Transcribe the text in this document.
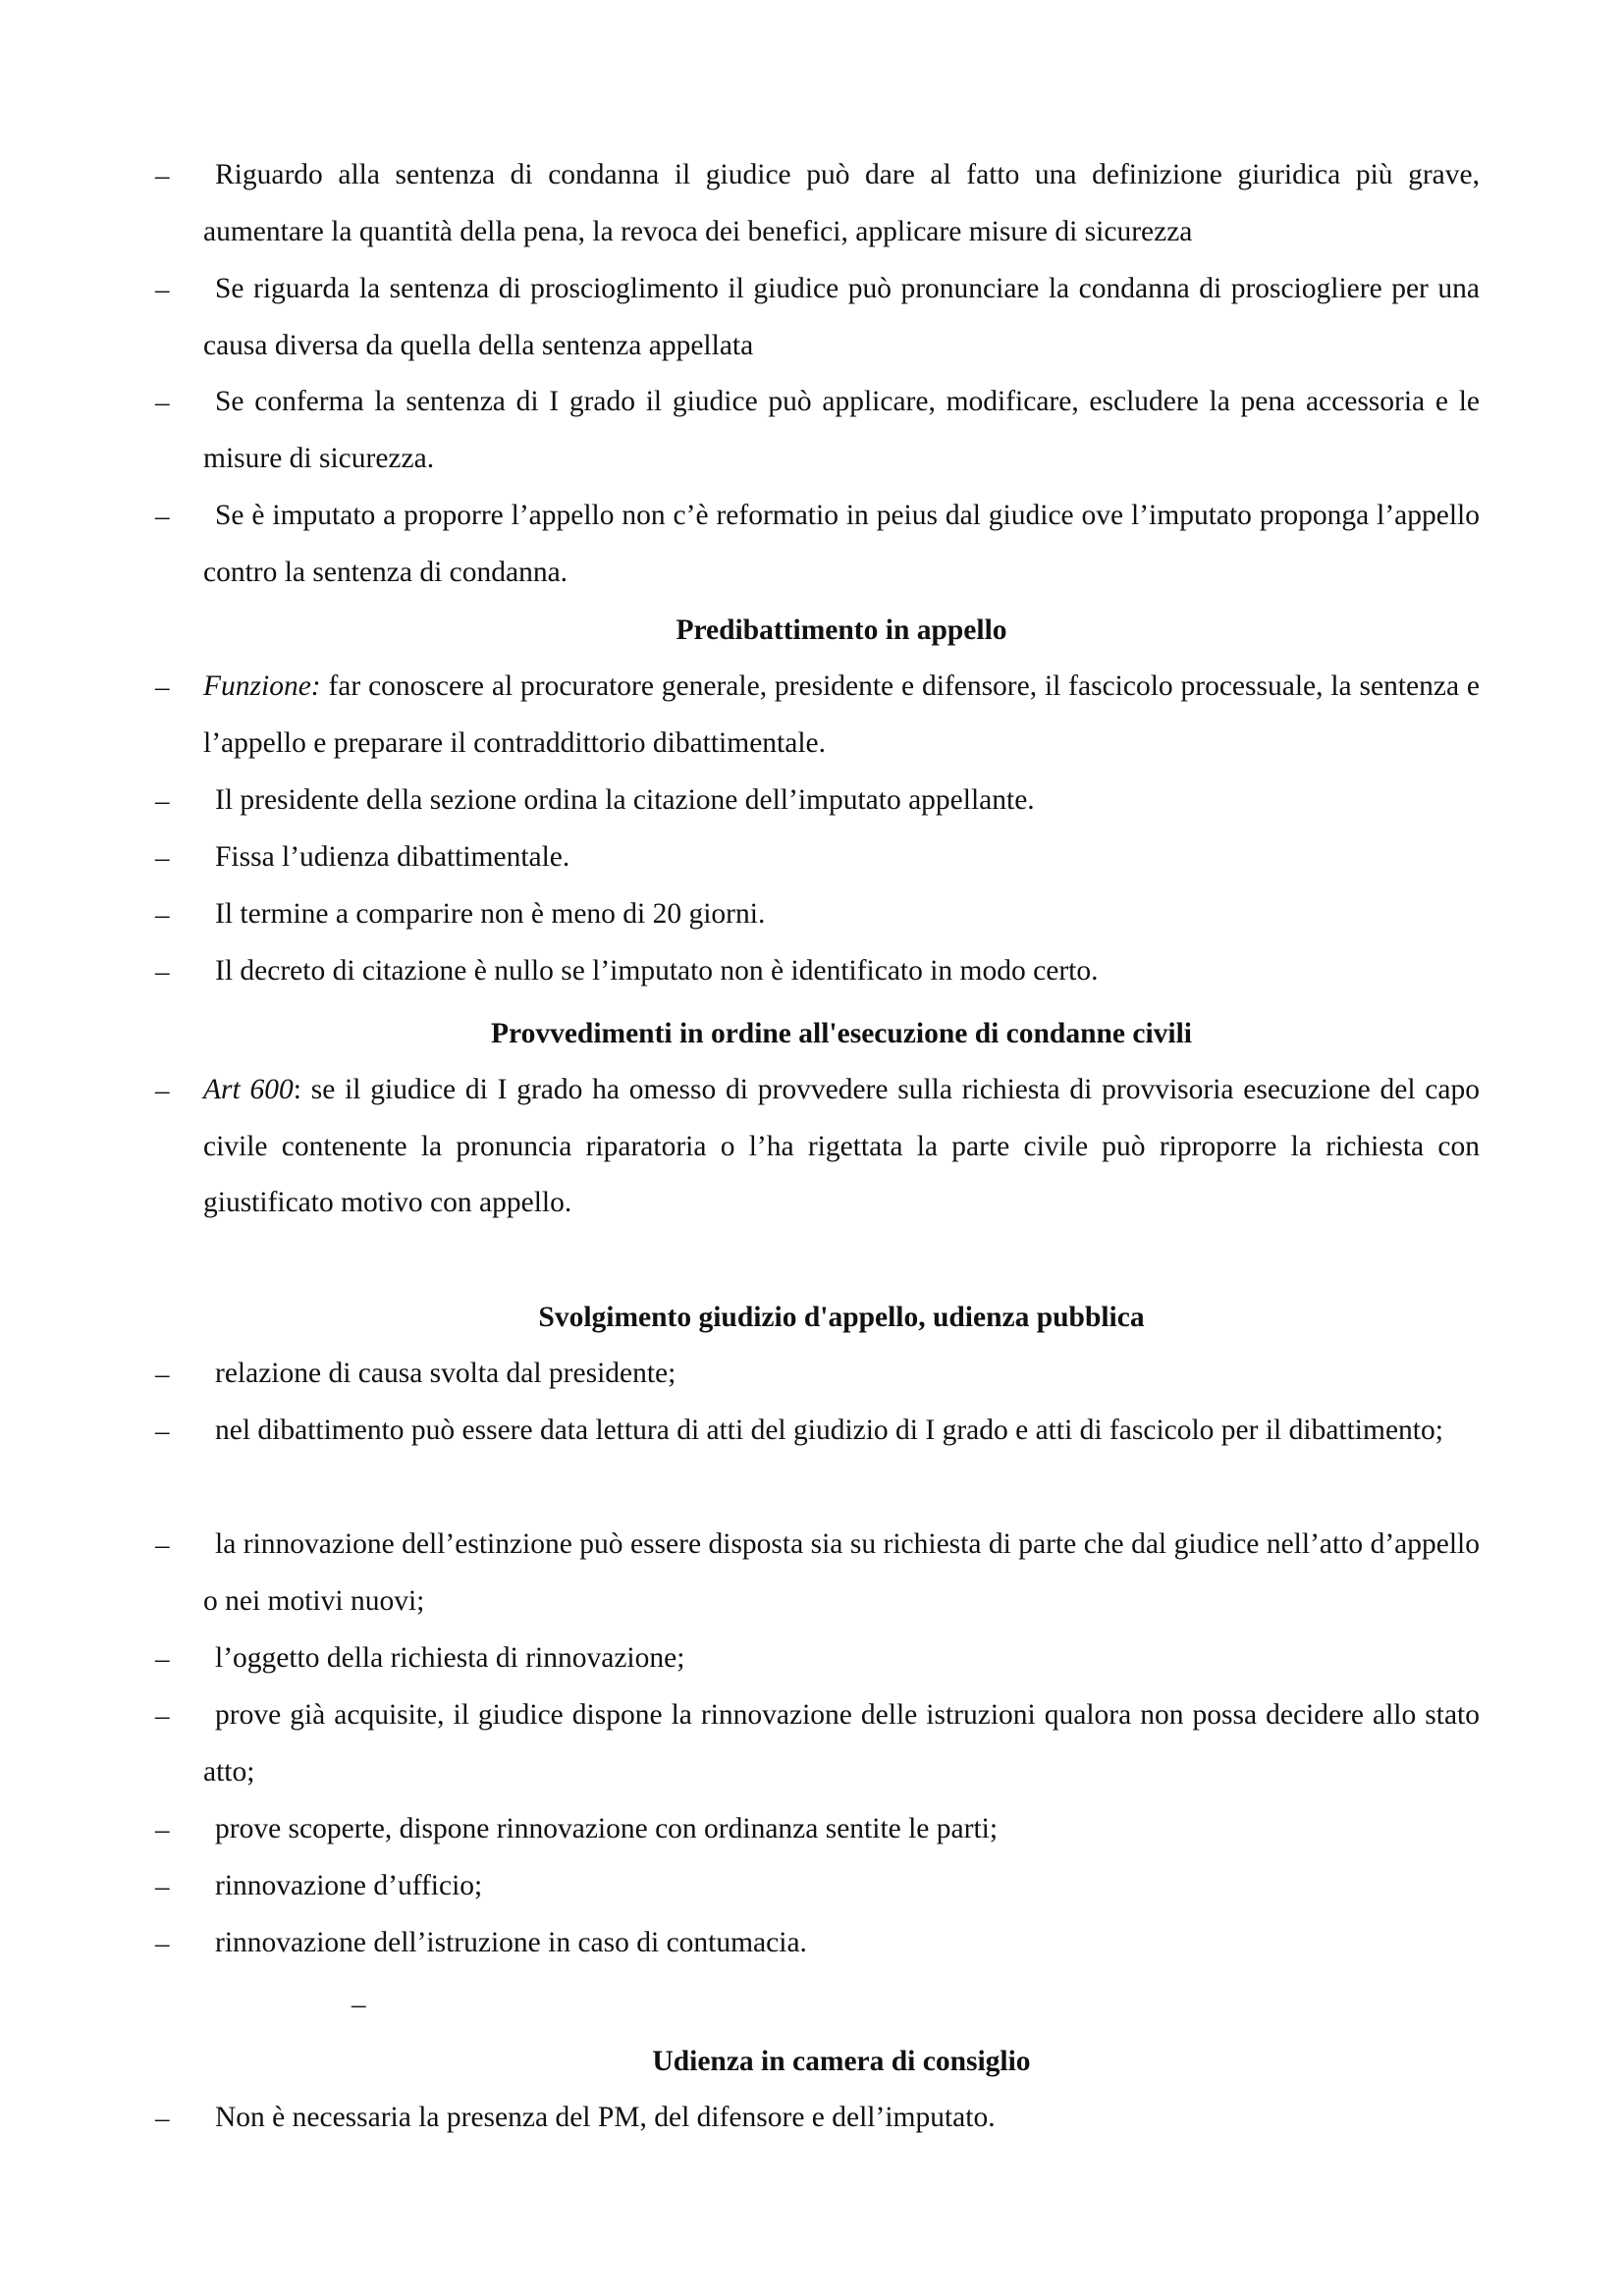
–	Riguardo alla sentenza di condanna il giudice può dare al fatto una definizione giuridica più grave, aumentare la quantità della pena, la revoca dei benefici, applicare misure di sicurezza
–	Se riguarda la sentenza di proscioglimento il giudice può pronunciare la condanna di prosciogliere per una causa diversa da quella della sentenza appellata
–	Se conferma la sentenza di I grado il giudice può applicare, modificare, escludere la pena accessoria e le misure di sicurezza.
–	Se è imputato a proporre l’appello non c’è reformatio in peius dal giudice ove l’imputato proponga l’appello contro la sentenza di condanna.
Predibattimento in appello
– Funzione: far conoscere al procuratore generale, presidente e difensore, il fascicolo processuale, la sentenza e l’appello e preparare il contraddittorio dibattimentale.
–	Il presidente della sezione ordina la citazione dell’imputato appellante.
–	Fissa l’udienza dibattimentale.
–	Il termine a comparire non è meno di 20 giorni.
–	Il decreto di citazione è nullo se l’imputato non è identificato in modo certo.
Provvedimenti in ordine all'esecuzione di condanne civili
– Art 600: se il giudice di I grado ha omesso di provvedere sulla richiesta di provvisoria esecuzione del capo civile contenente la pronuncia riparatoria o l’ha rigettata la parte civile può riproporre la richiesta con giustificato motivo con appello.
Svolgimento giudizio d'appello, udienza pubblica
–	relazione di causa svolta dal presidente;
–	nel dibattimento può essere data lettura di atti del giudizio di I grado e atti di fascicolo per il dibattimento;
–	la rinnovazione dell’estinzione può essere disposta sia su richiesta di parte che dal giudice nell’atto d’appello o nei motivi nuovi;
–	l’oggetto della richiesta di rinnovazione;
–	prove già acquisite, il giudice dispone la rinnovazione delle istruzioni qualora non possa decidere allo stato atto;
–	prove scoperte, dispone rinnovazione con ordinanza sentite le parti;
–	rinnovazione d’ufficio;
–	rinnovazione dell’istruzione in caso di contumacia.
–
Udienza in camera di consiglio
–	Non è necessaria la presenza del PM, del difensore e dell’imputato.
